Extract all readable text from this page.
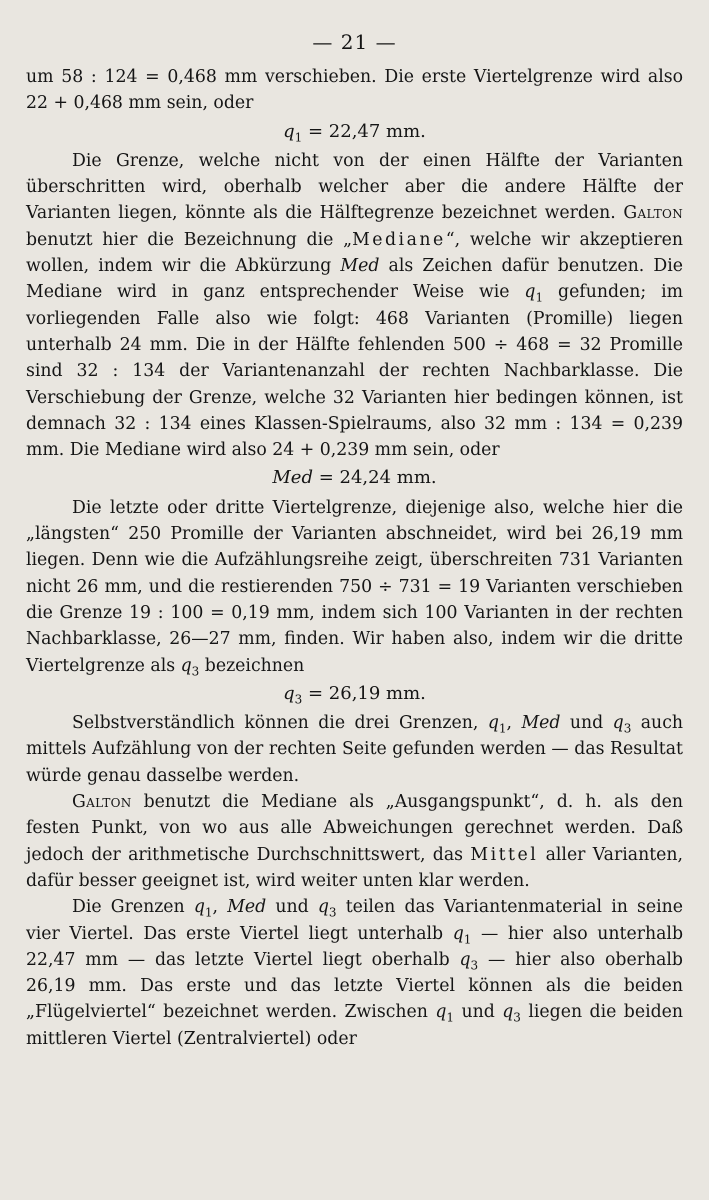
— 21 —

um 58 : 124 = 0,468 mm verschieben. Die erste Viertelgrenze wird also 22 + 0,468 mm sein, oder

$q_1 = 22,47$ mm.

Die Grenze, welche nicht von der einen Hälfte der Varianten überschritten wird, oberhalb welcher aber die andere Hälfte der Varianten liegen, könnte als die Hälftegrenze bezeichnet werden. Galton benutzt hier die Bezeichnung die „Mediane“, welche wir akzeptieren wollen, indem wir die Abkürzung Med als Zeichen dafür benutzen. Die Mediane wird in ganz entsprechender Weise wie $q_1$ gefunden; im vorliegenden Falle also wie folgt: 468 Varianten (Promille) liegen unterhalb 24 mm. Die in der Hälfte fehlenden 500 ÷ 468 = 32 Promille sind 32 : 134 der Variantenanzahl der rechten Nachbarklasse. Die Verschiebung der Grenze, welche 32 Varianten hier bedingen können, ist demnach 32 : 134 eines Klassen-Spielraums, also 32 mm : 134 = 0,239 mm. Die Mediane wird also 24 + 0,239 mm sein, oder

Med = 24,24 mm.

Die letzte oder dritte Viertelgrenze, diejenige also, welche hier die „längsten“ 250 Promille der Varianten abschneidet, wird bei 26,19 mm liegen. Denn wie die Aufzählungsreihe zeigt, überschreiten 731 Varianten nicht 26 mm, und die restierenden 750 ÷ 731 = 19 Varianten verschieben die Grenze 19 : 100 = 0,19 mm, indem sich 100 Varianten in der rechten Nachbarklasse, 26—27 mm, finden. Wir haben also, indem wir die dritte Viertelgrenze als $q_3$ bezeichnen

$q_3 = 26,19$ mm.

Selbstverständlich können die drei Grenzen, $q_1$, Med und $q_3$ auch mittels Aufzählung von der rechten Seite gefunden werden — das Resultat würde genau dasselbe werden.

Galton benutzt die Mediane als „Ausgangspunkt“, d. h. als den festen Punkt, von wo aus alle Abweichungen gerechnet werden. Daß jedoch der arithmetische Durchschnittswert, das Mittel aller Varianten, dafür besser geeignet ist, wird weiter unten klar werden.

Die Grenzen $q_1$, Med und $q_3$ teilen das Variantenmaterial in seine vier Viertel. Das erste Viertel liegt unterhalb $q_1$ — hier also unterhalb 22,47 mm — das letzte Viertel liegt oberhalb $q_3$ — hier also oberhalb 26,19 mm. Das erste und das letzte Viertel können als die beiden „Flügelviertel“ bezeichnet werden. Zwischen $q_1$ und $q_3$ liegen die beiden mittleren Viertel (Zentralviertel) oder
